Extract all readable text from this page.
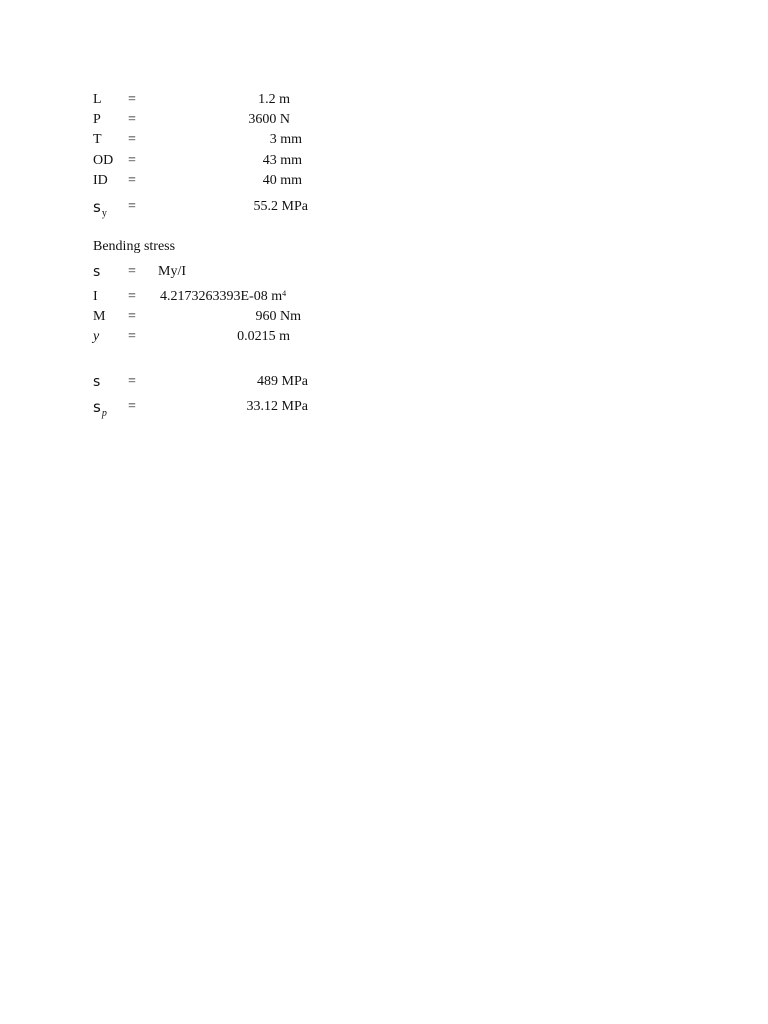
L =	1.2 m
P =	3600 N
T =	3 mm
OD =	43 mm
ID =	40 mm
$s_y$ =	55.2 MPa
Bending stress
s = My/I
I = 4.2173263393E-08 $m^4$
M =	960 Nm
y =	0.0215 m
s =	489 MPa
$s_p$ =	33.12 MPa
